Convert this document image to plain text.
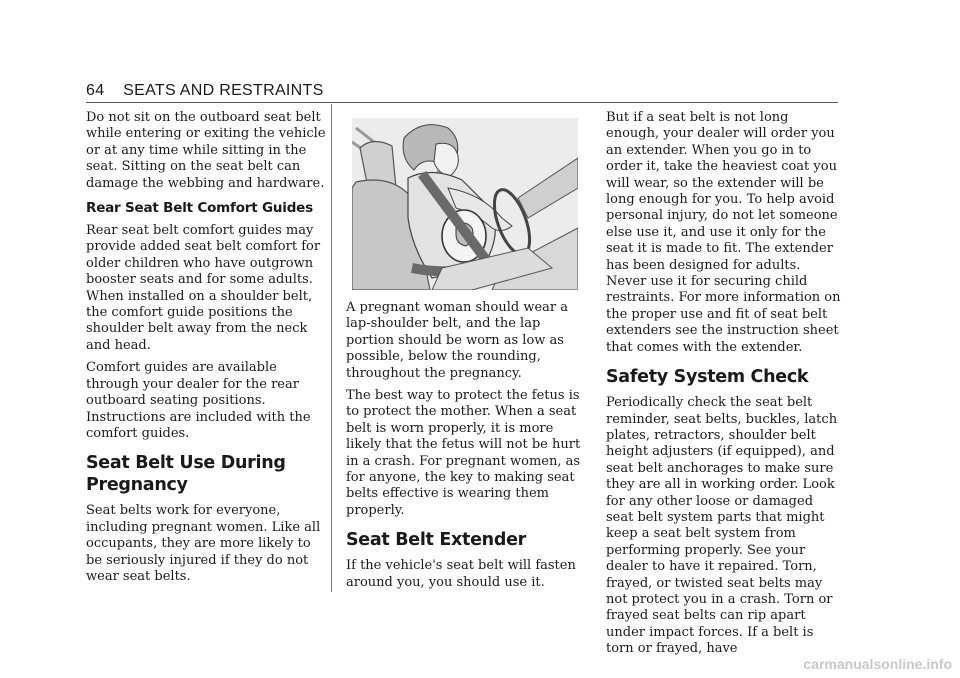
64 SEATS AND RESTRAINTS

Do not sit on the outboard seat belt while entering or exiting the vehicle or at any time while sitting in the seat. Sitting on the seat belt can damage the webbing and hardware.

Rear Seat Belt Comfort Guides

Rear seat belt comfort guides may provide added seat belt comfort for older children who have outgrown booster seats and for some adults. When installed on a shoulder belt, the comfort guide positions the shoulder belt away from the neck and head.

Comfort guides are available through your dealer for the rear outboard seating positions. Instructions are included with the comfort guides.

Seat Belt Use During Pregnancy

Seat belts work for everyone, including pregnant women. Like all occupants, they are more likely to be seriously injured if they do not wear seat belts.

A pregnant woman should wear a lap-shoulder belt, and the lap portion should be worn as low as possible, below the rounding, throughout the pregnancy.

The best way to protect the fetus is to protect the mother. When a seat belt is worn properly, it is more likely that the fetus will not be hurt in a crash. For pregnant women, as for anyone, the key to making seat belts effective is wearing them properly.

Seat Belt Extender

If the vehicle's seat belt will fasten around you, you should use it.

But if a seat belt is not long enough, your dealer will order you an extender. When you go in to order it, take the heaviest coat you will wear, so the extender will be long enough for you. To help avoid personal injury, do not let someone else use it, and use it only for the seat it is made to fit. The extender has been designed for adults. Never use it for securing child restraints. For more information on the proper use and fit of seat belt extenders see the instruction sheet that comes with the extender.

Safety System Check

Periodically check the seat belt reminder, seat belts, buckles, latch plates, retractors, shoulder belt height adjusters (if equipped), and seat belt anchorages to make sure they are all in working order. Look for any other loose or damaged seat belt system parts that might keep a seat belt system from performing properly. See your dealer to have it repaired. Torn, frayed, or twisted seat belts may not protect you in a crash. Torn or frayed seat belts can rip apart under impact forces. If a belt is torn or frayed, have

carmanualsonline.info
